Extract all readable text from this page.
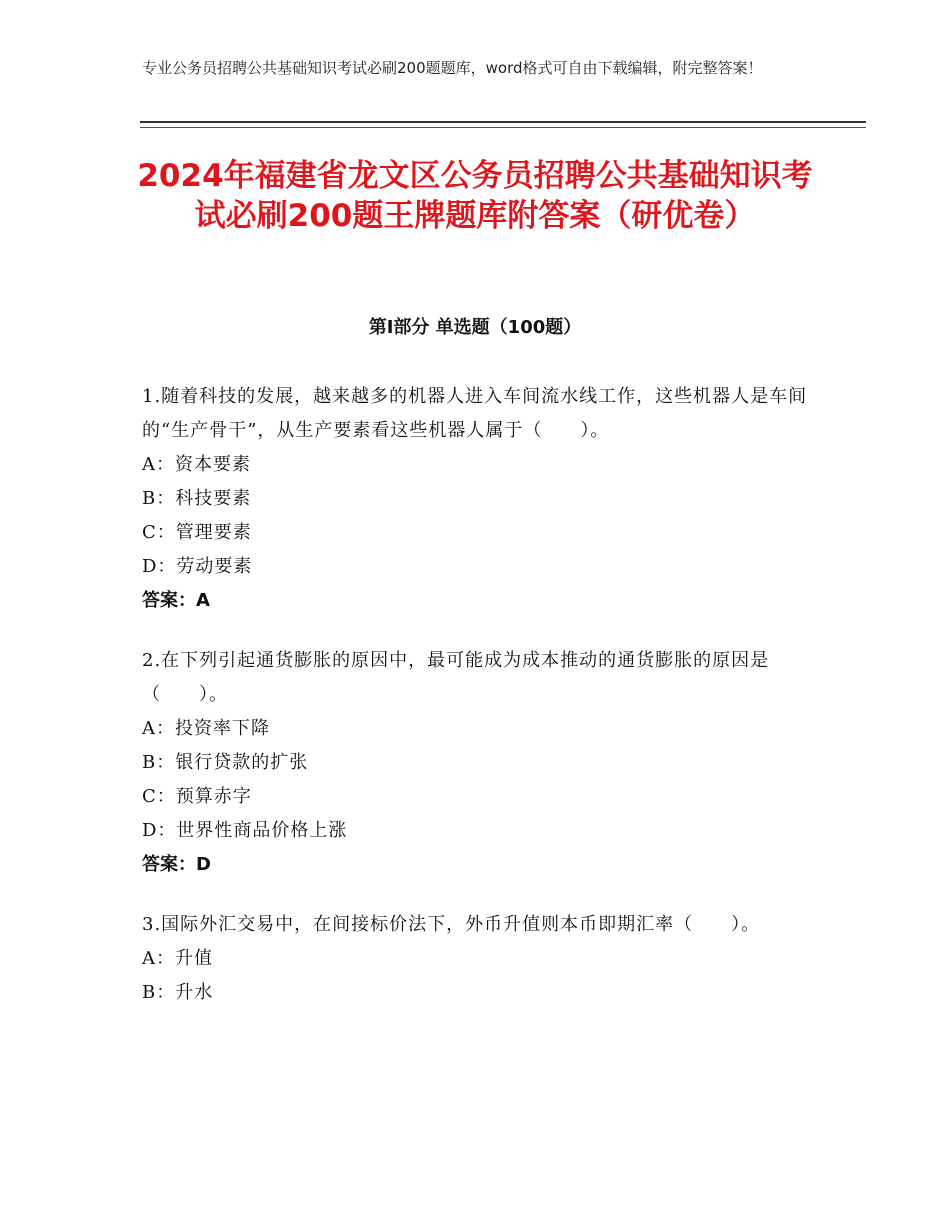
专业公务员招聘公共基础知识考试必刷200题题库，word格式可自由下载编辑，附完整答案！
2024年福建省龙文区公务员招聘公共基础知识考试必刷200题王牌题库附答案（研优卷）
第Ⅰ部分 单选题（100题）

1.随着科技的发展，越来越多的机器人进入车间流水线工作，这些机器人是车间的“生产骨干”，从生产要素看这些机器人属于（　　）。

A：资本要素

B：科技要素

C：管理要素

D：劳动要素

答案：A

2.在下列引起通货膨胀的原因中，最可能成为成本推动的通货膨胀的原因是（　　）。

A：投资率下降

B：银行贷款的扩张

C：预算赤字

D：世界性商品价格上涨

答案：D

3.国际外汇交易中，在间接标价法下，外币升值则本币即期汇率（　　）。

A：升值

B：升水
